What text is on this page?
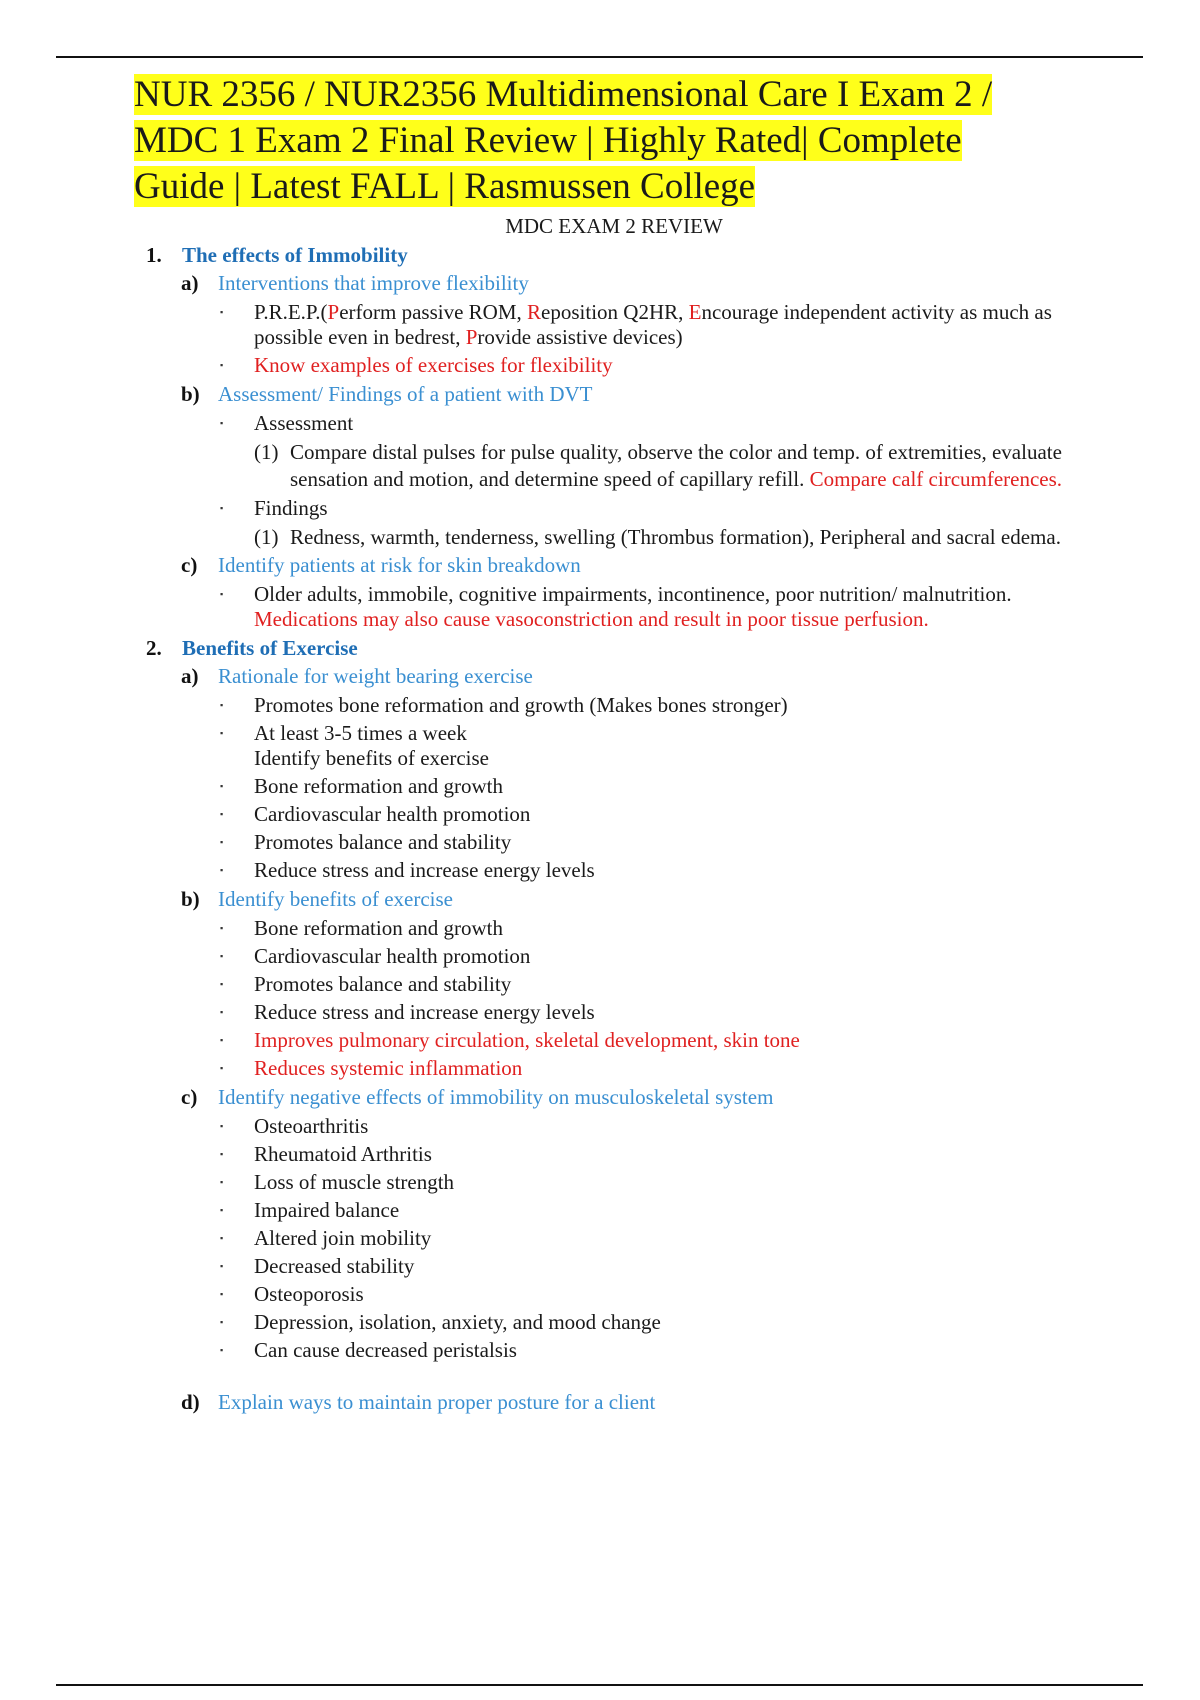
NUR 2356 / NUR2356 Multidimensional Care I Exam 2 /
MDC 1 Exam 2 Final Review | Highly Rated| Complete
Guide | Latest FALL | Rasmussen College
MDC EXAM 2 REVIEW
1. The effects of Immobility
a) Interventions that improve flexibility
▪ P.R.E.P.(Perform passive ROM, Reposition Q2HR, Encourage independent activity as much as possible even in bedrest, Provide assistive devices)
▪ Know examples of exercises for flexibility
b) Assessment/ Findings of a patient with DVT
▪ Assessment
(1) Compare distal pulses for pulse quality, observe the color and temp. of extremities, evaluate sensation and motion, and determine speed of capillary refill. Compare calf circumferences.
▪ Findings
(1) Redness, warmth, tenderness, swelling (Thrombus formation), Peripheral and sacral edema.
c) Identify patients at risk for skin breakdown
▪ Older adults, immobile, cognitive impairments, incontinence, poor nutrition/ malnutrition. Medications may also cause vasoconstriction and result in poor tissue perfusion.
2. Benefits of Exercise
a) Rationale for weight bearing exercise
▪ Promotes bone reformation and growth (Makes bones stronger)
▪ At least 3-5 times a week
Identify benefits of exercise
▪ Bone reformation and growth
▪ Cardiovascular health promotion
▪ Promotes balance and stability
▪ Reduce stress and increase energy levels
b) Identify benefits of exercise
▪ Bone reformation and growth
▪ Cardiovascular health promotion
▪ Promotes balance and stability
▪ Reduce stress and increase energy levels
▪ Improves pulmonary circulation, skeletal development, skin tone
▪ Reduces systemic inflammation
c) Identify negative effects of immobility on musculoskeletal system
▪ Osteoarthritis
▪ Rheumatoid Arthritis
▪ Loss of muscle strength
▪ Impaired balance
▪ Altered join mobility
▪ Decreased stability
▪ Osteoporosis
▪ Depression, isolation, anxiety, and mood change
▪ Can cause decreased peristalsis
d) Explain ways to maintain proper posture for a client
